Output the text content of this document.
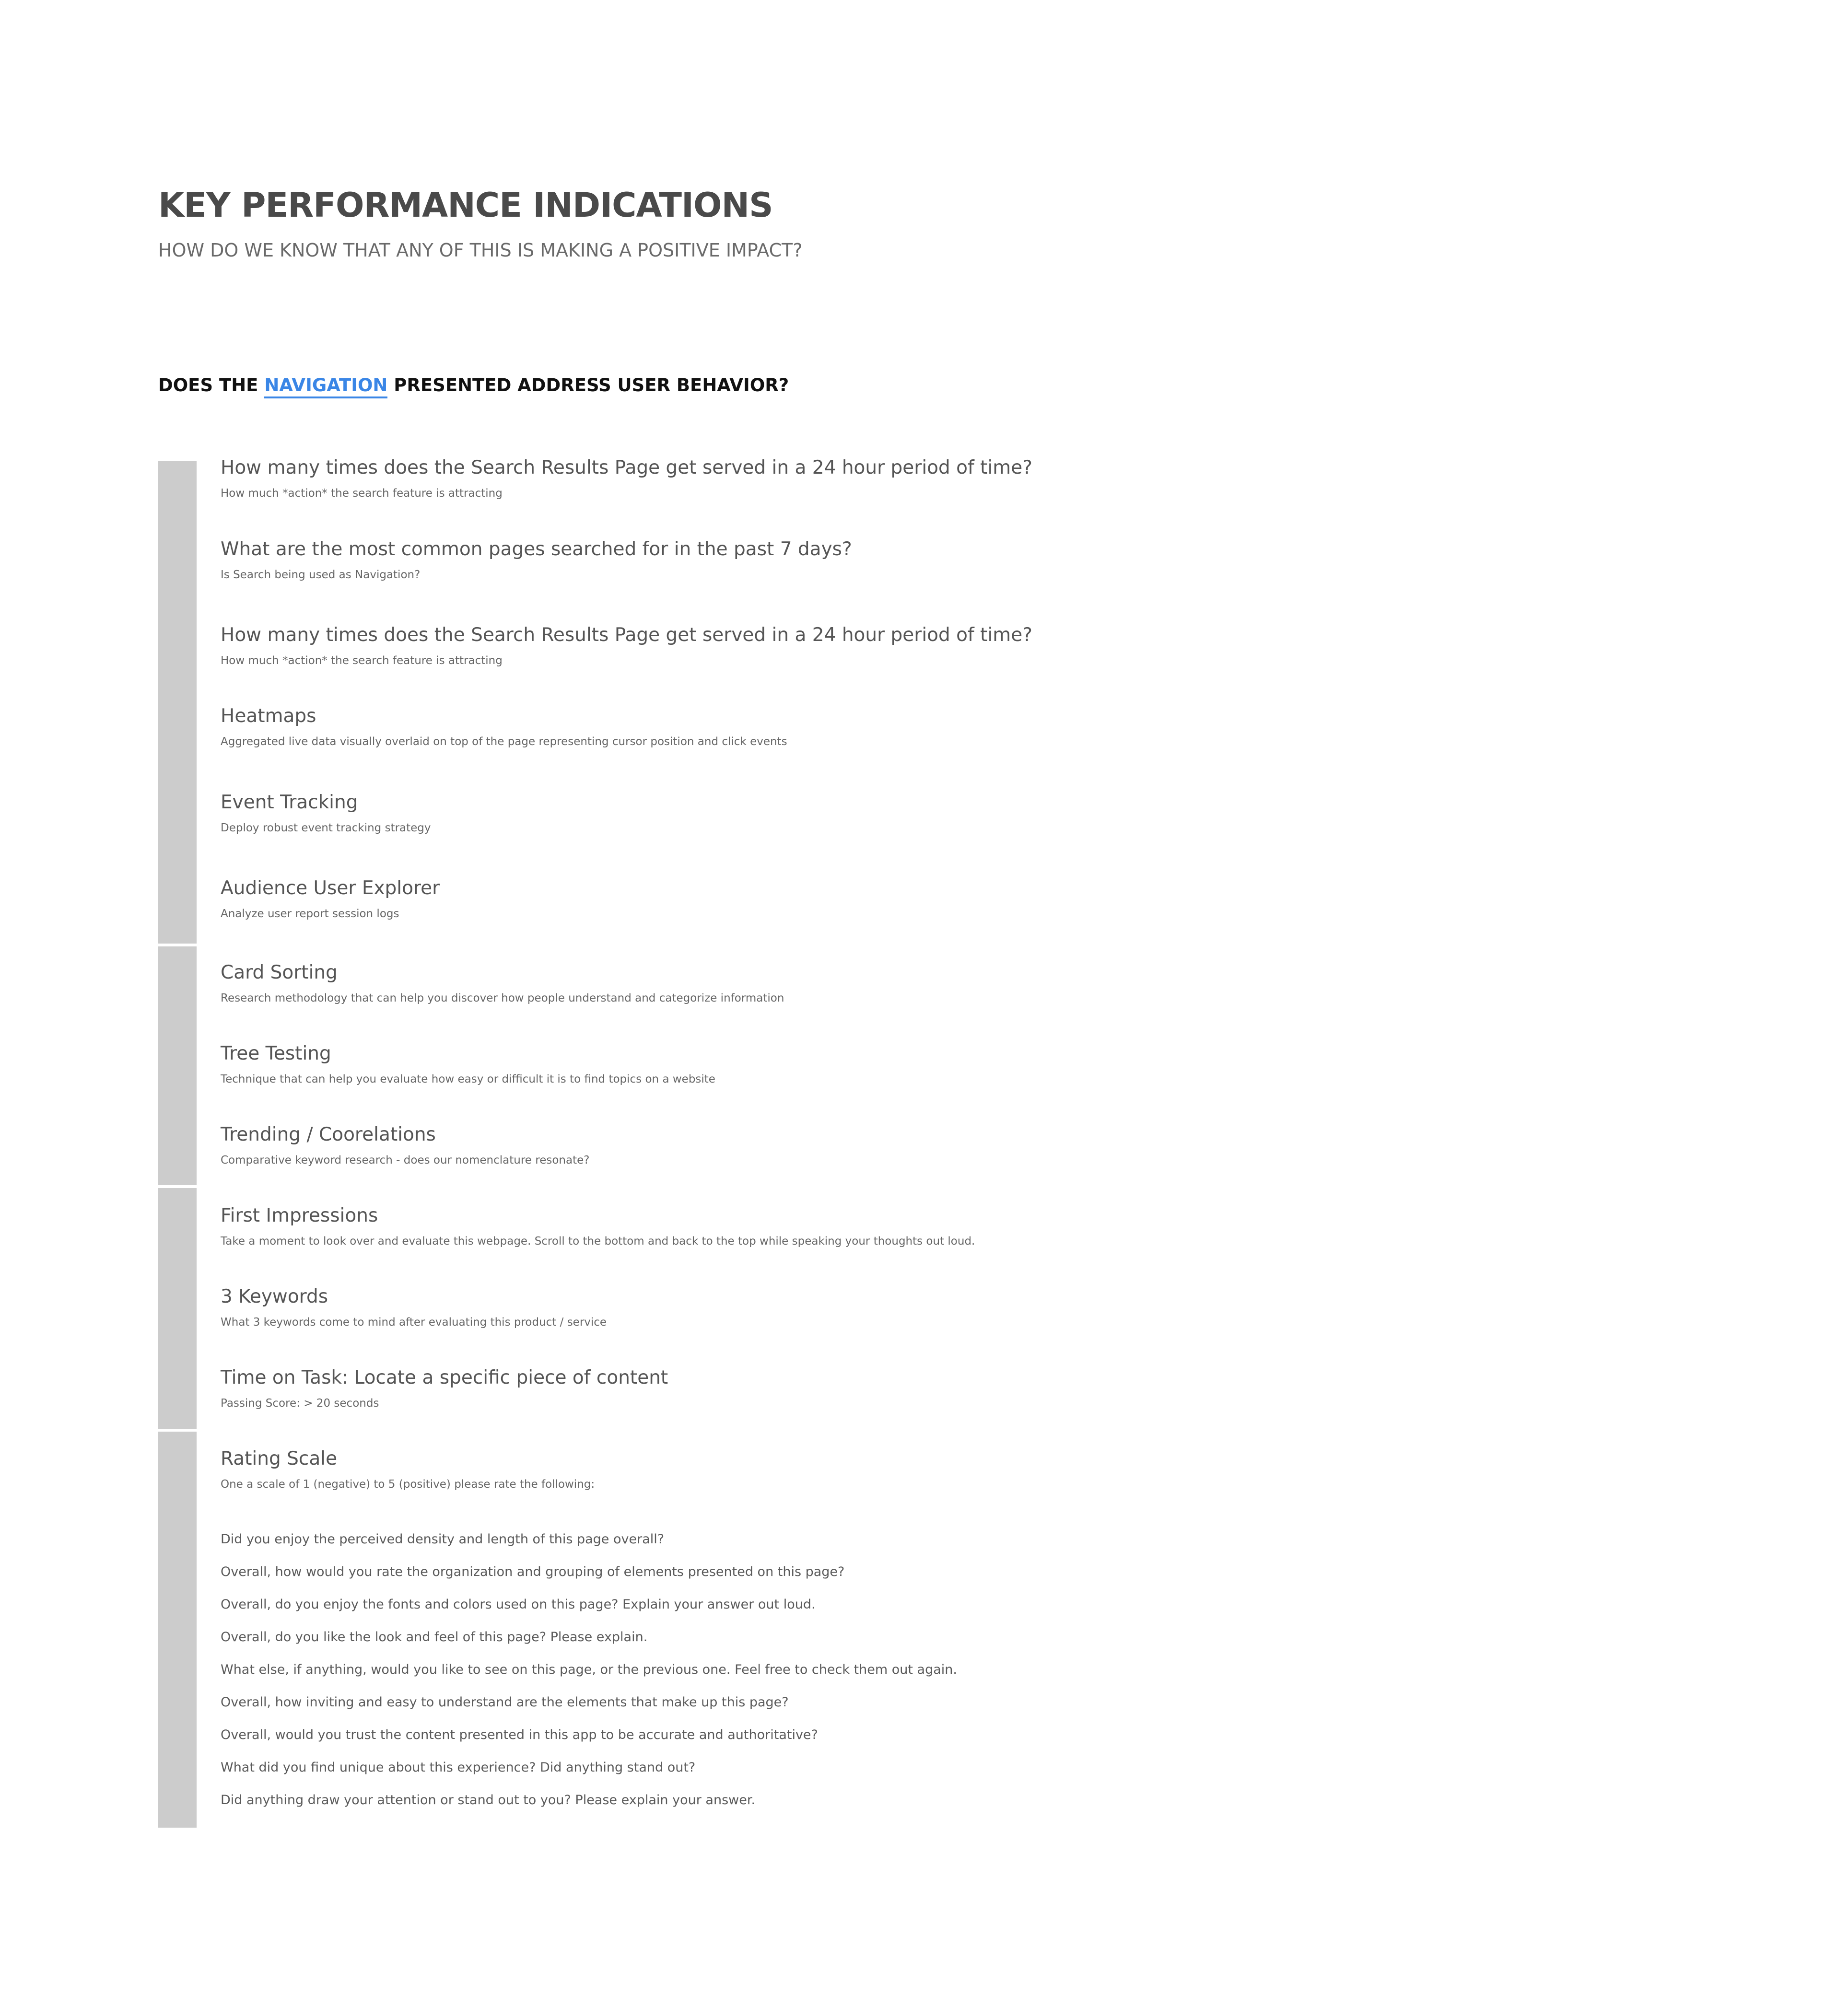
KEY PERFORMANCE INDICATIONS

HOW DO WE KNOW THAT ANY OF THIS IS MAKING A POSITIVE IMPACT?

DOES THE NAVIGATION PRESENTED ADDRESS USER BEHAVIOR?
How many times does the Search Results Page get served in a 24 hour period of time?
How much *action* the search feature is attracting
What are the most common pages searched for in the past 7 days?
Is Search being used as Navigation?
How many times does the Search Results Page get served in a 24 hour period of time?
How much *action* the search feature is attracting
Heatmaps
Aggregated live data visually overlaid on top of the page representing cursor position and click events
Event Tracking
Deploy robust event tracking strategy
Audience User Explorer
Analyze user report session logs
Card Sorting
Research methodology that can help you discover how people understand and categorize information
Tree Testing
Technique that can help you evaluate how easy or difficult it is to find topics on a website
Trending / Coorelations
Comparative keyword research - does our nomenclature resonate?
First Impressions
Take a moment to look over and evaluate this webpage. Scroll to the bottom and back to the top while speaking your thoughts out loud.
3 Keywords
What 3 keywords come to mind after evaluating this product / service
Time on Task: Locate a specific piece of content
Passing Score: > 20 seconds
Rating Scale
One a scale of 1 (negative) to 5 (positive) please rate the following:
Did you enjoy the perceived density and length of this page overall?
Overall, how would you rate the organization and grouping of elements presented on this page?
Overall, do you enjoy the fonts and colors used on this page? Explain your answer out loud.
Overall, do you like the look and feel of this page? Please explain.
What else, if anything, would you like to see on this page, or the previous one. Feel free to check them out again.
Overall, how inviting and easy to understand are the elements that make up this page?
Overall, would you trust the content presented in this app to be accurate and authoritative?
What did you find unique about this experience? Did anything stand out?
Did anything draw your attention or stand out to you? Please explain your answer.
